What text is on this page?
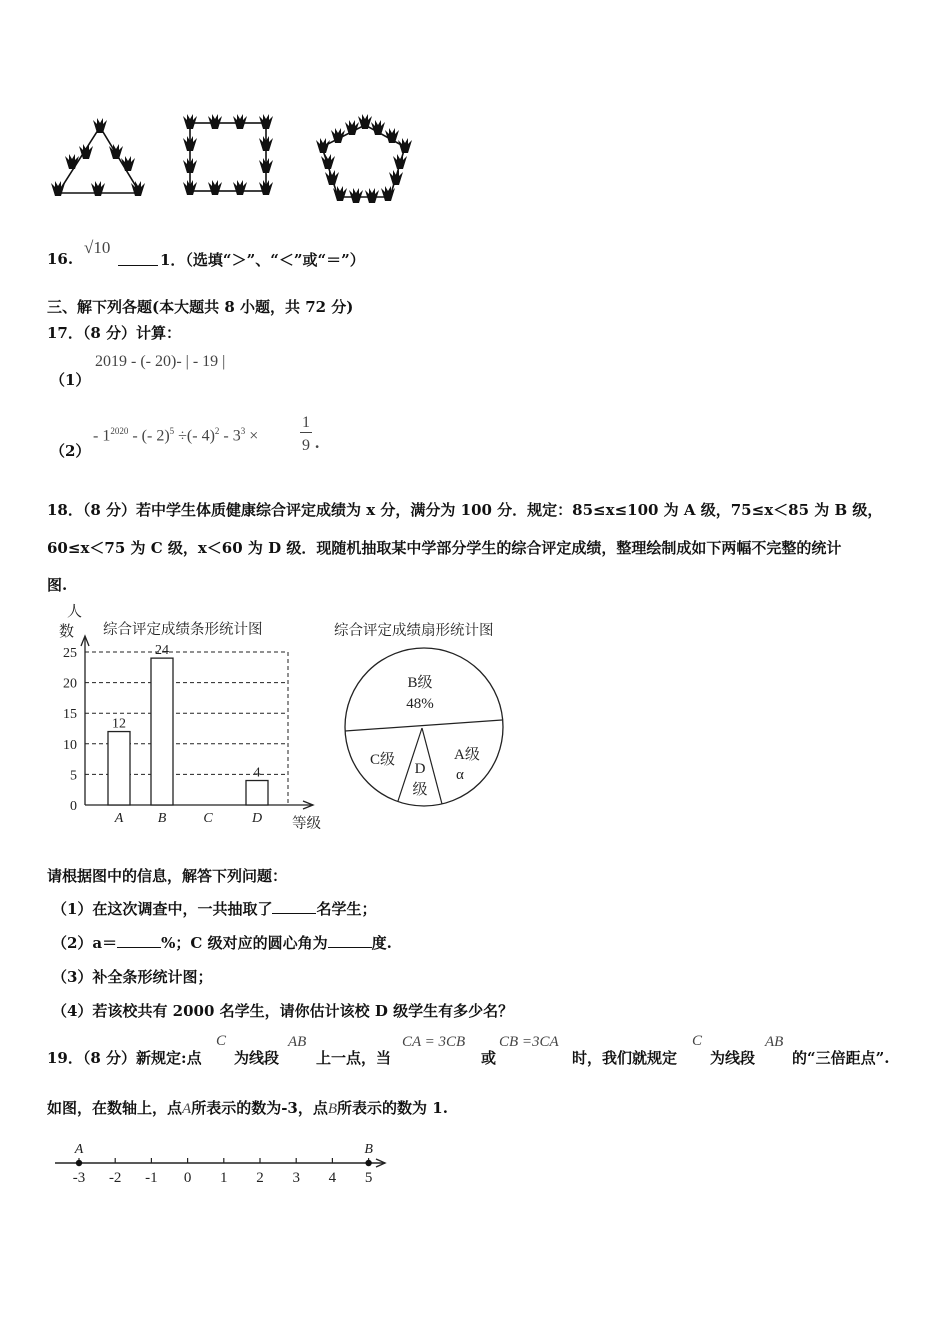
16.
√10
1．（选填“＞”、“＜”或“＝”）
三、解下列各题(本大题共 8 小题，共 72 分)
17．（8 分）计算：
（1）
2019 - (- 20)- | - 19 |
（2）
- $1^{2020}$ - (- 2)$^5$ ÷(- $4)^2 - 3^3$ ×
1
9 .
18．（8 分）若中学生体质健康综合评定成绩为 x 分，满分为 100 分．规定：85≤x≤100 为 A 级，75≤x＜85 为 B 级，
60≤x＜75 为 C 级，x＜60 为 D 级．现随机抽取某中学部分学生的综合评定成绩，整理绘制成如下两幅不完整的统计
图.
人
数 综合评定成绩条形统计图
等级
0
5
10
15
20
25
A
12
B
24
C	D
4
综合评定成绩扇形统计图
B级
48%
A级
α
D
级
C级
请根据图中的信息，解答下列问题：
（1）在这次调查中，一共抽取了	名学生；
（2）a＝	%；C 级对应的圆心角为	度.
（3）补全条形统计图；
（4）若该校共有 2000 名学生，请你估计该校 D 级学生有多少名？
19．（8 分）新规定:点
C
为线段
AB
上一点，当
CA = 3CB
或
CB =3CA
时，我们就规定
C
为线段
AB
的“三倍距点”.
如图，在数轴上，点A所表示的数为-3，点B所表示的数为 1.
-3 -2 -1 0 1 2 3 4 5
A	B
